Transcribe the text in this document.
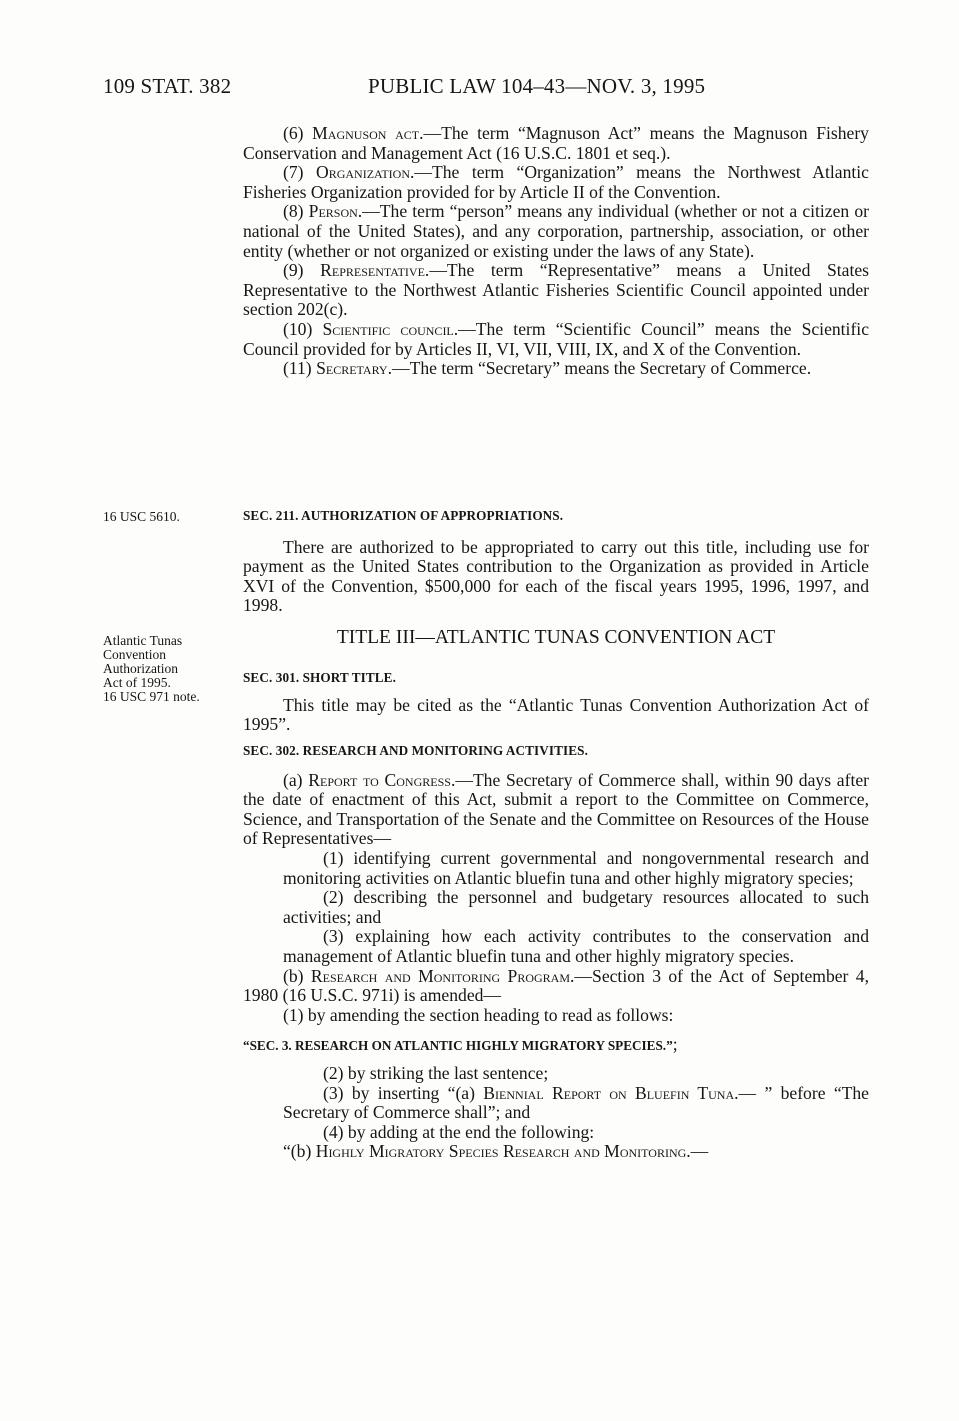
109 STAT. 382	PUBLIC LAW 104–43—NOV. 3, 1995

(6) Magnuson act.—The term “Magnuson Act” means the Magnuson Fishery Conservation and Management Act (16 U.S.C. 1801 et seq.).

(7) Organization.—The term “Organization” means the Northwest Atlantic Fisheries Organization provided for by Article II of the Convention.

(8) Person.—The term “person” means any individual (whether or not a citizen or national of the United States), and any corporation, partnership, association, or other entity (whether or not organized or existing under the laws of any State).

(9) Representative.—The term “Representative” means a United States Representative to the Northwest Atlantic Fisheries Scientific Council appointed under section 202(c).

(10) Scientific council.—The term “Scientific Council” means the Scientific Council provided for by Articles II, VI, VII, VIII, IX, and X of the Convention.

(11) Secretary.—The term “Secretary” means the Secretary of Commerce.

16 USC 5610.	SEC. 211. AUTHORIZATION OF APPROPRIATIONS.

There are authorized to be appropriated to carry out this title, including use for payment as the United States contribution to the Organization as provided in Article XVI of the Convention, $500,000 for each of the fiscal years 1995, 1996, 1997, and 1998.

Atlantic Tunas
Convention
Authorization
Act of 1995.
16 USC 971 note.

TITLE III—ATLANTIC TUNAS CONVENTION ACT

SEC. 301. SHORT TITLE.

This title may be cited as the “Atlantic Tunas Convention Authorization Act of 1995”.

SEC. 302. RESEARCH AND MONITORING ACTIVITIES.

(a) Report to Congress.—The Secretary of Commerce shall, within 90 days after the date of enactment of this Act, submit a report to the Committee on Commerce, Science, and Transportation of the Senate and the Committee on Resources of the House of Representatives—

(1) identifying current governmental and nongovernmental research and monitoring activities on Atlantic bluefin tuna and other highly migratory species;

(2) describing the personnel and budgetary resources allocated to such activities; and

(3) explaining how each activity contributes to the conservation and management of Atlantic bluefin tuna and other highly migratory species.

(b) Research and Monitoring Program.—Section 3 of the Act of September 4, 1980 (16 U.S.C. 971i) is amended—

(1) by amending the section heading to read as follows:

“SEC. 3. RESEARCH ON ATLANTIC HIGHLY MIGRATORY SPECIES.”;

(2) by striking the last sentence;

(3) by inserting “(a) Biennial Report on Bluefin Tuna.— ” before “The Secretary of Commerce shall”; and

(4) by adding at the end the following:

“(b) Highly Migratory Species Research and Monitoring.—
